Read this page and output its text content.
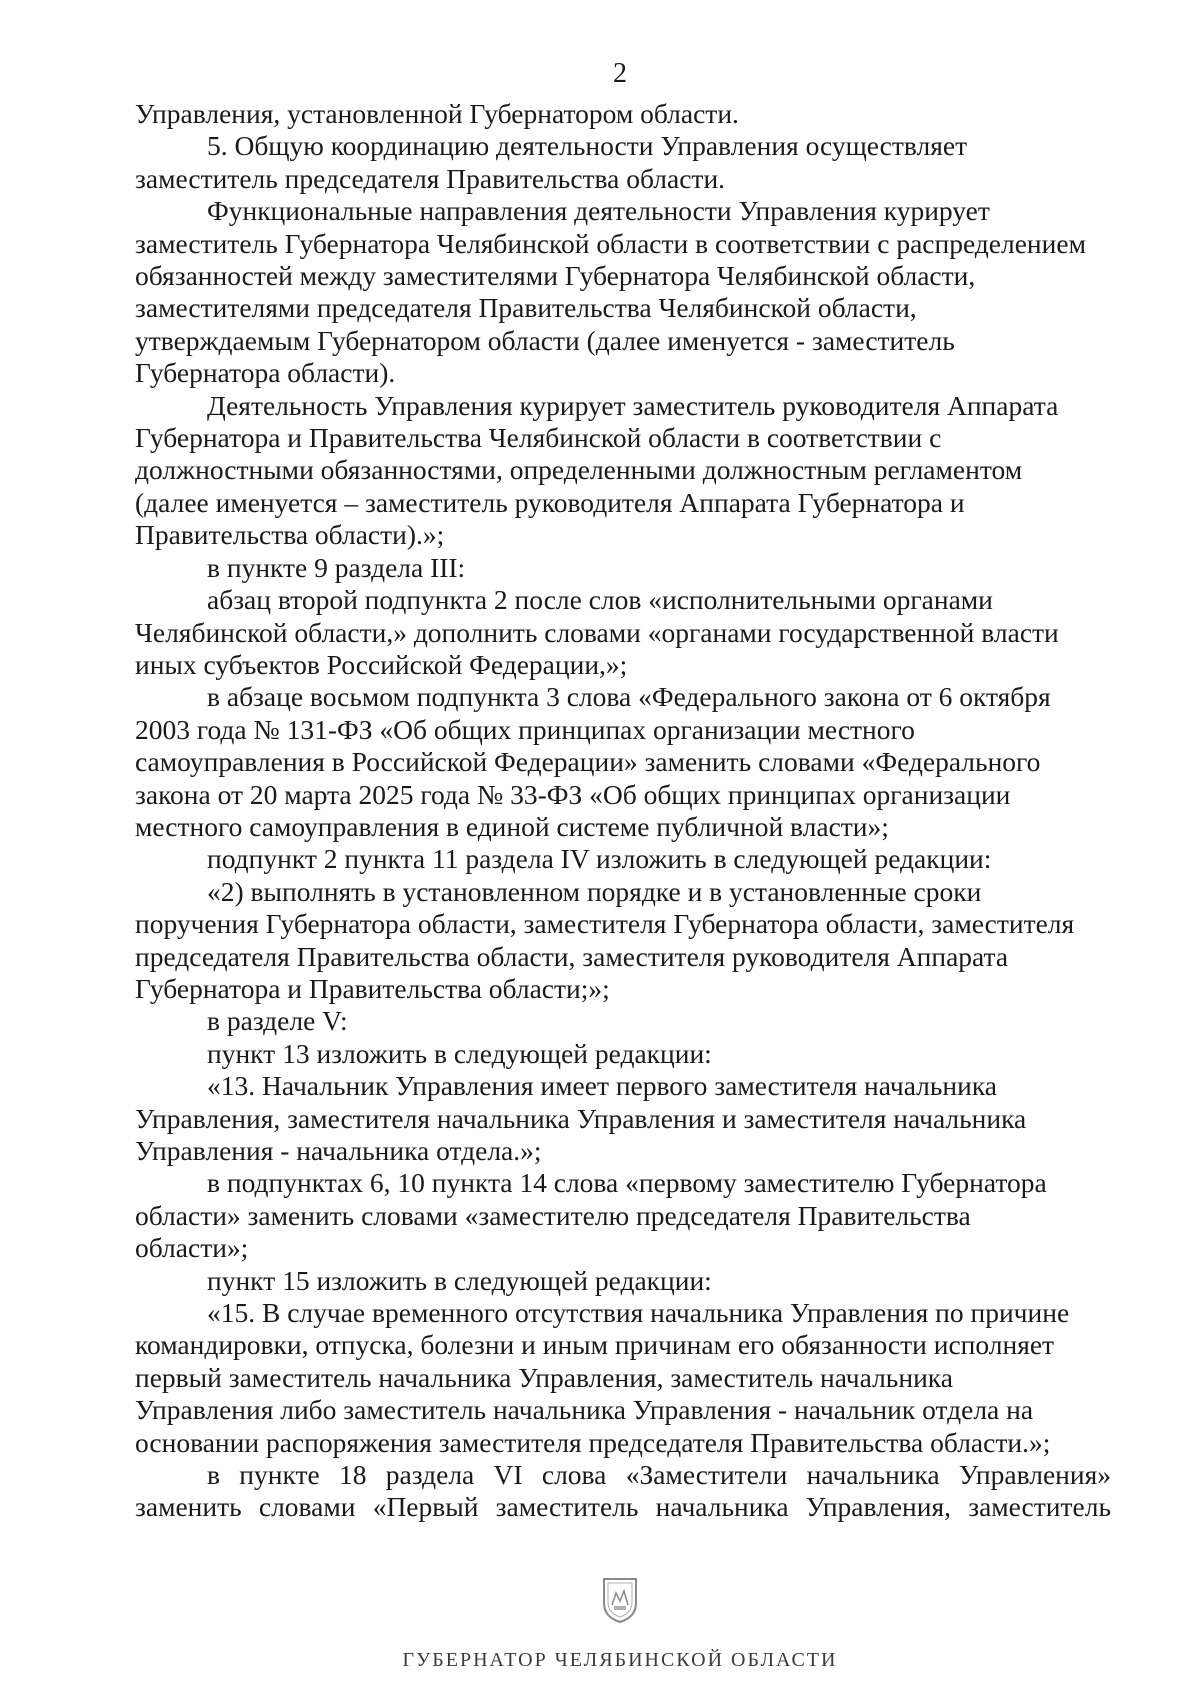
2

Управления, установленной Губернатором области.

5. Общую координацию деятельности Управления осуществляет
заместитель председателя Правительства области.

Функциональные направления деятельности Управления курирует
заместитель Губернатора Челябинской области в соответствии с распределением
обязанностей между заместителями Губернатора Челябинской области,
заместителями председателя Правительства Челябинской области,
утверждаемым Губернатором области (далее именуется - заместитель
Губернатора области).

Деятельность Управления курирует заместитель руководителя Аппарата
Губернатора и Правительства Челябинской области в соответствии с
должностными обязанностями, определенными должностным регламентом
(далее именуется – заместитель руководителя Аппарата Губернатора и
Правительства области).»;

в пункте 9 раздела III:

абзац второй подпункта 2 после слов «исполнительными органами
Челябинской области,» дополнить словами «органами государственной власти
иных субъектов Российской Федерации,»;

в абзаце восьмом подпункта 3 слова «Федерального закона от 6 октября
2003 года № 131-ФЗ «Об общих принципах организации местного
самоуправления в Российской Федерации» заменить словами «Федерального
закона от 20 марта 2025 года № 33-ФЗ «Об общих принципах организации
местного самоуправления в единой системе публичной власти»;

подпункт 2 пункта 11 раздела IV изложить в следующей редакции:

«2) выполнять в установленном порядке и в установленные сроки
поручения Губернатора области, заместителя Губернатора области, заместителя
председателя Правительства области, заместителя руководителя Аппарата
Губернатора и Правительства области;»;

в разделе V:

пункт 13 изложить в следующей редакции:

«13. Начальник Управления имеет первого заместителя начальника
Управления, заместителя начальника Управления и заместителя начальника
Управления - начальника отдела.»;

в подпунктах 6, 10 пункта 14 слова «первому заместителю Губернатора
области» заменить словами «заместителю председателя Правительства
области»;

пункт 15 изложить в следующей редакции:

«15. В случае временного отсутствия начальника Управления по причине
командировки, отпуска, болезни и иным причинам его обязанности исполняет
первый заместитель начальника Управления, заместитель начальника
Управления либо заместитель начальника Управления - начальник отдела на
основании распоряжения заместителя председателя Правительства области.»;

в пункте 18 раздела VI слова «Заместители начальника Управления»
заменить словами «Первый заместитель начальника Управления, заместитель

ГУБЕРНАТОР ЧЕЛЯБИНСКОЙ ОБЛАСТИ
